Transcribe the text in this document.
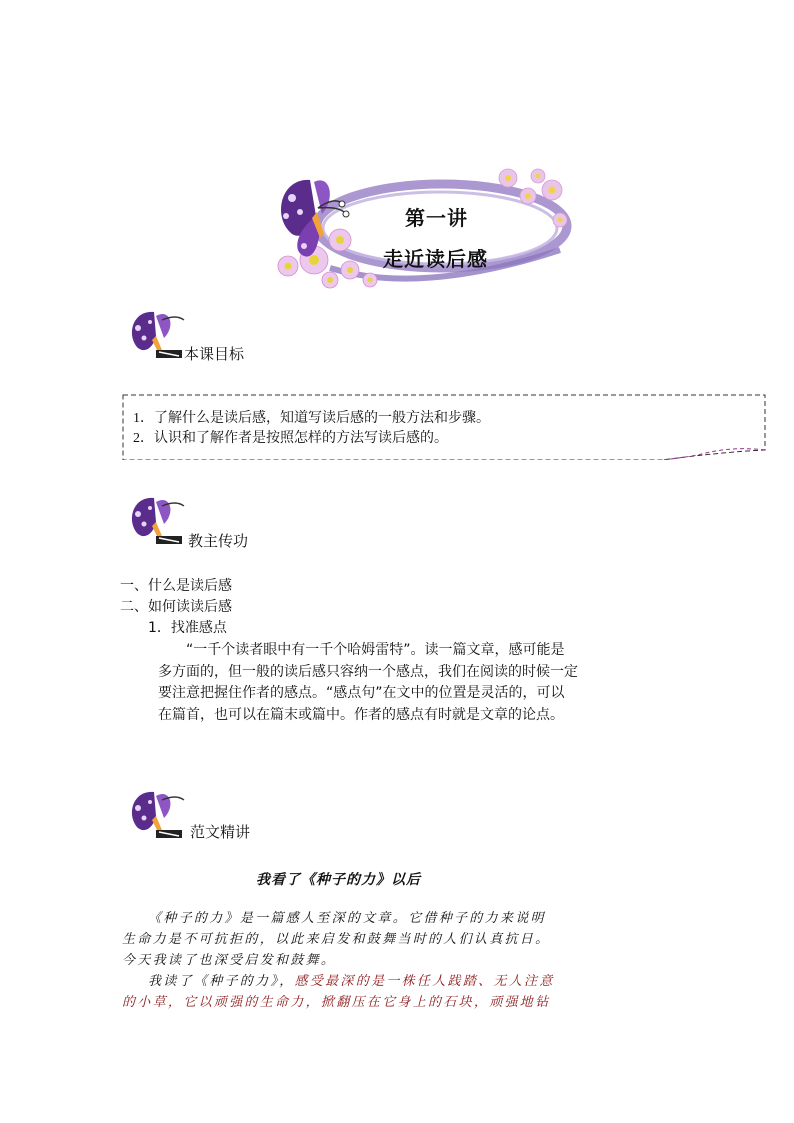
第一讲
走近读后感
本课目标
1．了解什么是读后感，知道写读后感的一般方法和步骤。
2．认识和了解作者是按照怎样的方法写读后感的。
教主传功
一、什么是读后感
二、如何读读后感
1．找准感点
“一千个读者眼中有一千个哈姆雷特”。读一篇文章，感可能是多方面的，但一般的读后感只容纳一个感点，我们在阅读的时候一定要注意把握住作者的感点。“感点句”在文中的位置是灵活的，可以在篇首，也可以在篇末或篇中。作者的感点有时就是文章的论点。
范文精讲
我看了《种子的力》以后
《种子的力》是一篇感人至深的文章。它借种子的力来说明
生命力是不可抗拒的，以此来启发和鼓舞当时的人们认真抗日。
今天我读了也深受启发和鼓舞。
我读了《种子的力》，感受最深的是一株任人践踏、无人注意
的小草，它以顽强的生命力，掀翻压在它身上的石块，顽强地钻
